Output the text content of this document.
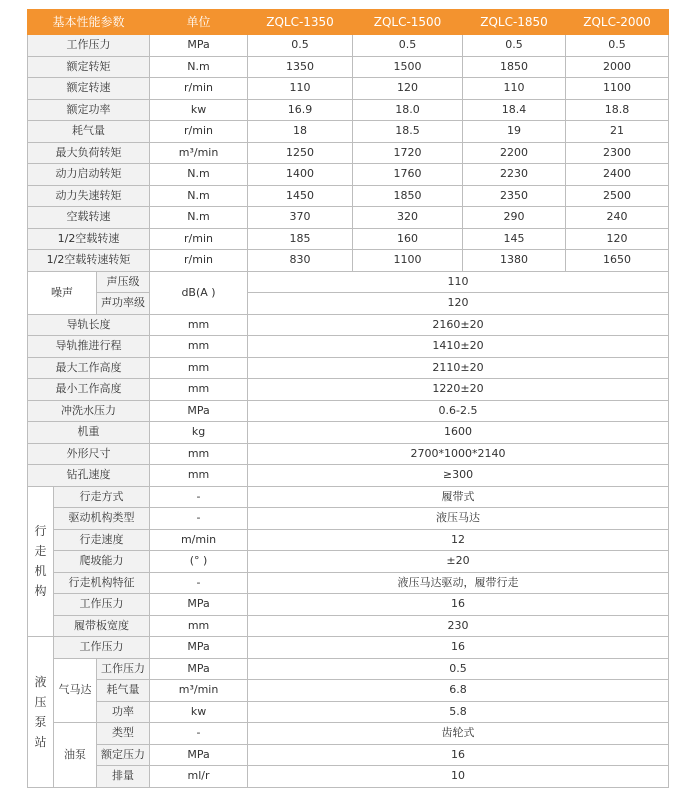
基本性能参数			单位	ZQLC-1350	ZQLC-1500	ZQLC-1850	ZQLC-2000
工作压力			MPa	0.5	0.5	0.5	0.5
额定转矩			N.m	1350	1500	1850	2000
额定转速			r/min	110	120	110	1100
额定功率			kw	16.9	18.0	18.4	18.8
耗气量			r/min	18	18.5	19	21
最大负荷转矩			m³/min	1250	1720	2200	2300
动力启动转矩			N.m	1400	1760	2230	2400
动力失速转矩			N.m	1450	1850	2350	2500
空载转速			N.m	370	320	290	240
1/2空载转速			r/min	185	160	145	120
1/2空载转速转矩			r/min	830	1100	1380	1650
噪声		声压级	dB(A )	110			
		声功率级		120			
导轨长度			mm	2160±20			
导轨推进行程			mm	1410±20			
最大工作高度			mm	2110±20			
最小工作高度			mm	1220±20			
冲洗水压力			MPa	0.6-2.5			
机重			kg	1600			
外形尺寸			mm	2700*1000*2140			
钻孔速度			mm	≥300			

行
走
机
构	行走方式		-	履带式			
	驱动机构类型		-	液压马达			
	行走速度		m/min	12			
	爬坡能力		(° )	±20			
	行走机构特征		-	液压马达驱动，履带行走			
	工作压力		MPa	16			
	履带板宽度		mm	230			

液
压
泵
站	工作压力		MPa	16			
	气马达	工作压力	MPa	0.5			
		耗气量	m³/min	6.8			
		功率	kw	5.8			
	油泵	类型	-	齿轮式			
		额定压力	MPa	16			
		排量	ml/r	10			
